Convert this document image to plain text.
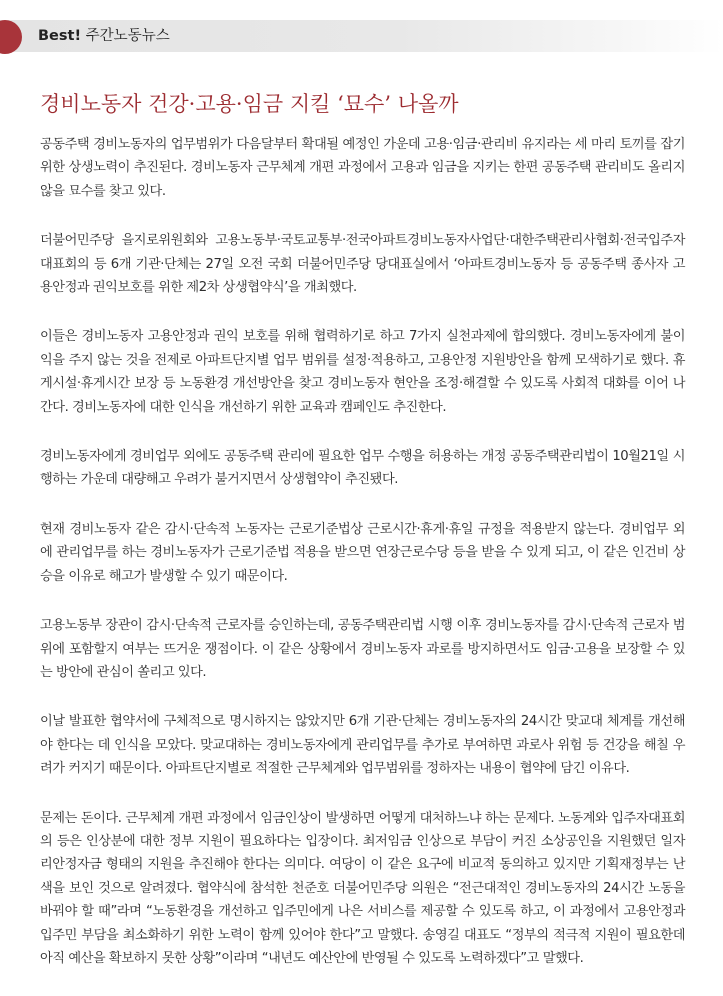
Best! 주간노동뉴스
경비노동자 건강·고용·임금 지킬 ‘묘수’ 나올까

공동주택 경비노동자의 업무범위가 다음달부터 확대될 예정인 가운데 고용·임금·관리비 유지라는 세 마리 토끼를 잡기 위한 상생노력이 추진된다. 경비노동자 근무체계 개편 과정에서 고용과 임금을 지키는 한편 공동주택 관리비도 올리지 않을 묘수를 찾고 있다.

더불어민주당 을지로위원회와 고용노동부·국토교통부·전국아파트경비노동자사업단·대한주택관리사협회·전국입주자대표회의 등 6개 기관·단체는 27일 오전 국회 더불어민주당 당대표실에서 ‘아파트경비노동자 등 공동주택 종사자 고용안정과 권익보호를 위한 제2차 상생협약식’을 개최했다.

이들은 경비노동자 고용안정과 권익 보호를 위해 협력하기로 하고 7가지 실천과제에 합의했다. 경비노동자에게 불이익을 주지 않는 것을 전제로 아파트단지별 업무 범위를 설정·적용하고, 고용안정 지원방안을 함께 모색하기로 했다. 휴게시설·휴게시간 보장 등 노동환경 개선방안을 찾고 경비노동자 현안을 조정·해결할 수 있도록 사회적 대화를 이어 나간다. 경비노동자에 대한 인식을 개선하기 위한 교육과 캠페인도 추진한다.

경비노동자에게 경비업무 외에도 공동주택 관리에 필요한 업무 수행을 허용하는 개정 공동주택관리법이 10월21일 시행하는 가운데 대량해고 우려가 불거지면서 상생협약이 추진됐다.

현재 경비노동자 같은 감시·단속적 노동자는 근로기준법상 근로시간·휴게·휴일 규정을 적용받지 않는다. 경비업무 외에 관리업무를 하는 경비노동자가 근로기준법 적용을 받으면 연장근로수당 등을 받을 수 있게 되고, 이 같은 인건비 상승을 이유로 해고가 발생할 수 있기 때문이다.

고용노동부 장관이 감시·단속적 근로자를 승인하는데, 공동주택관리법 시행 이후 경비노동자를 감시·단속적 근로자 범위에 포함할지 여부는 뜨거운 쟁점이다. 이 같은 상황에서 경비노동자 과로를 방지하면서도 임금·고용을 보장할 수 있는 방안에 관심이 쏠리고 있다.

이날 발표한 협약서에 구체적으로 명시하지는 않았지만 6개 기관·단체는 경비노동자의 24시간 맞교대 체계를 개선해야 한다는 데 인식을 모았다. 맞교대하는 경비노동자에게 관리업무를 추가로 부여하면 과로사 위험 등 건강을 해칠 우려가 커지기 때문이다. 아파트단지별로 적절한 근무체계와 업무범위를 정하자는 내용이 협약에 담긴 이유다.

문제는 돈이다. 근무체계 개편 과정에서 임금인상이 발생하면 어떻게 대처하느냐 하는 문제다. 노동계와 입주자대표회의 등은 인상분에 대한 정부 지원이 필요하다는 입장이다. 최저임금 인상으로 부담이 커진 소상공인을 지원했던 일자리안정자금 형태의 지원을 추진해야 한다는 의미다. 여당이 이 같은 요구에 비교적 동의하고 있지만 기획재정부는 난색을 보인 것으로 알려졌다. 협약식에 참석한 천준호 더불어민주당 의원은 “전근대적인 경비노동자의 24시간 노동을 바꿔야 할 때”라며 “노동환경을 개선하고 입주민에게 나은 서비스를 제공할 수 있도록 하고, 이 과정에서 고용안정과 입주민 부담을 최소화하기 위한 노력이 함께 있어야 한다”고 말했다. 송영길 대표도 “정부의 적극적 지원이 필요한데 아직 예산을 확보하지 못한 상황”이라며 “내년도 예산안에 반영될 수 있도록 노력하겠다”고 말했다.
